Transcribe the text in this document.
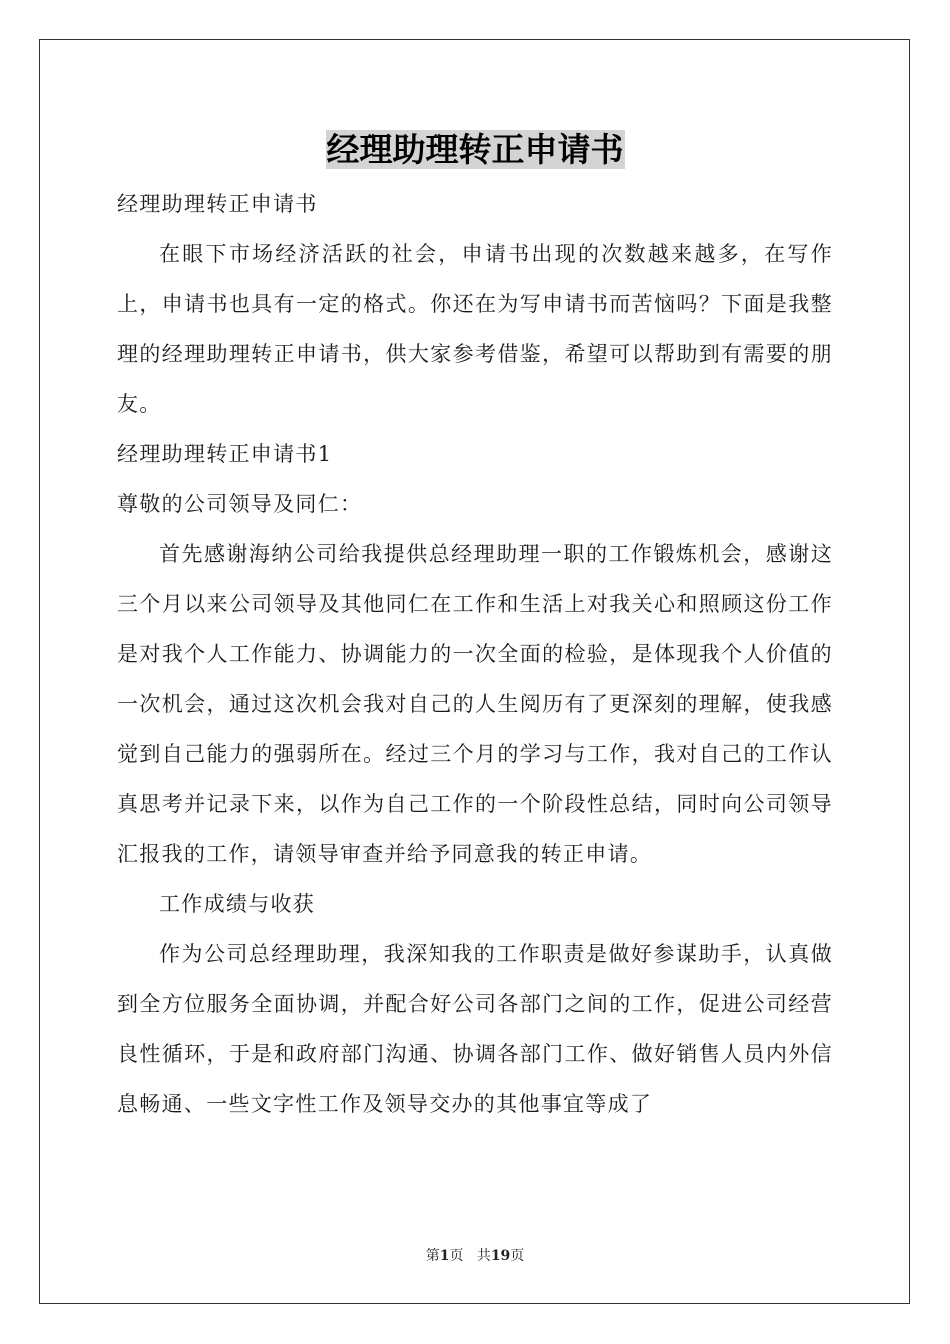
经理助理转正申请书

经理助理转正申请书

在眼下市场经济活跃的社会，申请书出现的次数越来越多，在写作上，申请书也具有一定的格式。你还在为写申请书而苦恼吗？下面是我整理的经理助理转正申请书，供大家参考借鉴，希望可以帮助到有需要的朋友。

经理助理转正申请书1

尊敬的公司领导及同仁：

首先感谢海纳公司给我提供总经理助理一职的工作锻炼机会，感谢这三个月以来公司领导及其他同仁在工作和生活上对我关心和照顾这份工作是对我个人工作能力、协调能力的一次全面的检验，是体现我个人价值的一次机会，通过这次机会我对自己的人生阅历有了更深刻的理解，使我感觉到自己能力的强弱所在。经过三个月的学习与工作，我对自己的工作认真思考并记录下来，以作为自己工作的一个阶段性总结，同时向公司领导汇报我的工作，请领导审查并给予同意我的转正申请。

工作成绩与收获

作为公司总经理助理，我深知我的工作职责是做好参谋助手，认真做到全方位服务全面协调，并配合好公司各部门之间的工作，促进公司经营良性循环，于是和政府部门沟通、协调各部门工作、做好销售人员内外信息畅通、一些文字性工作及领导交办的其他事宜等成了

第1页 共19页
